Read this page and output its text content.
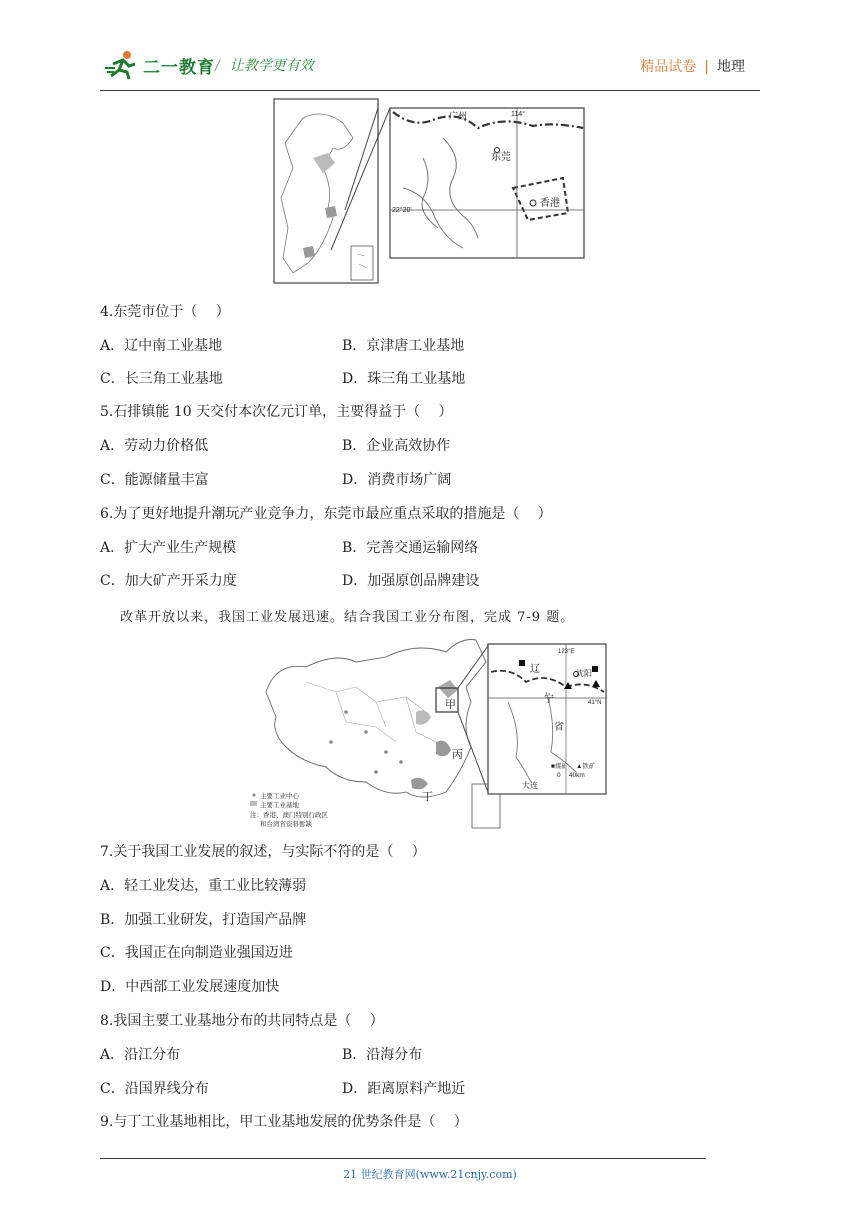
二一教育 / 让教学更有效	精品试卷 | 地理
广州	114°
东莞
22°20'
香港
4.东莞市位于（　 ）
A．辽中南工业基地	B．京津唐工业基地
C．长三角工业基地	D．珠三角工业基地
5.石排镇能 10 天交付本次亿元订单，主要得益于（　 ）
A．劳动力价格低	B．企业高效协作
C．能源储量丰富	D．消费市场广阔
6.为了更好地提升潮玩产业竞争力，东莞市最应重点采取的措施是（　 ）
A．扩大产业生产规模	B．完善交通运输网络
C．加大矿产开采力度	D．加强原创品牌建设
改革开放以来，我国工业发展迅速。结合我国工业分布图，完成 7-9 题。
甲
丙
丁
主要工业中心
主要工业基地
注：香港、澳门特别行政区
和台湾省资料暂缺
123°E
41°N
辽
宁
省
沈阳
大连
■煤矿 ▲铁矿
0　 40km
7.关于我国工业发展的叙述，与实际不符的是（　 ）
A．轻工业发达，重工业比较薄弱
B．加强工业研发，打造国产品牌
C．我国正在向制造业强国迈进
D．中西部工业发展速度加快
8.我国主要工业基地分布的共同特点是（　 ）
A．沿江分布	B．沿海分布
C．沿国界线分布	D．距离原料产地近
9.与丁工业基地相比，甲工业基地发展的优势条件是（　 ）
21 世纪教育网(www.21cnjy.com)
